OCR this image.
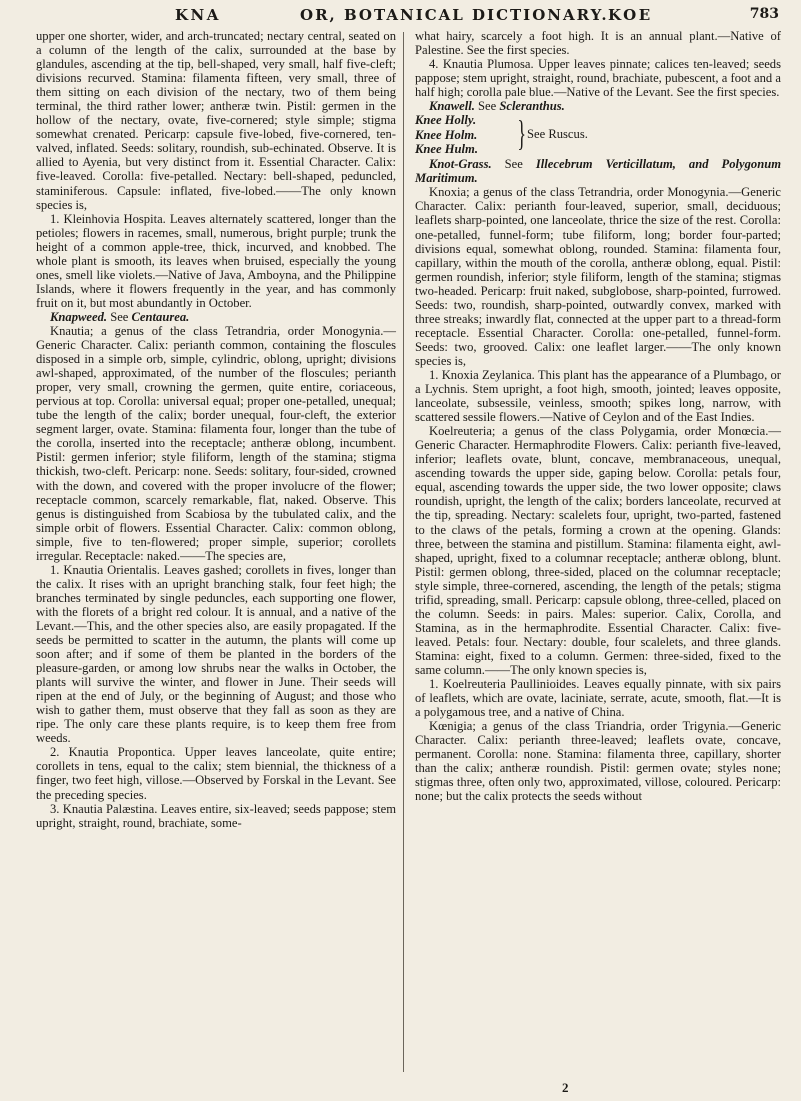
KNA	OR, BOTANICAL DICTIONARY. KOE	783

upper one shorter, wider, and arch-truncated; nectary central, seated on a column of the length of the calix, surrounded at the base by glandules, ascending at the tip, bell-shaped, very small, half five-cleft; divisions recurved. Stamina: filamenta fifteen, very small, three of them sitting on each division of the nectary, two of them being terminal, the third rather lower; antheræ twin. Pistil: germen in the hollow of the nectary, ovate, five-cornered; style simple; stigma somewhat crenated. Pericarp: capsule five-lobed, five-cornered, ten-valved, inflated. Seeds: solitary, roundish, sub-echinated. Observe. It is allied to Ayenia, but very distinct from it. Essential Character. Calix: five-leaved. Corolla: five-petalled. Nectary: bell-shaped, peduncled, staminiferous. Capsule: inflated, five-lobed.——The only known species is,

1. Kleinhovia Hospita. Leaves alternately scattered, longer than the petioles; flowers in racemes, small, numerous, bright purple; trunk the height of a common apple-tree, thick, incurved, and knobbed. The whole plant is smooth, its leaves when bruised, especially the young ones, smell like violets.—Native of Java, Amboyna, and the Philippine Islands, where it flowers frequently in the year, and has commonly fruit on it, but most abundantly in October.

Knapweed. See Centaurea.

Knautia; a genus of the class Tetrandria, order Monogynia.—Generic Character. Calix: perianth common, containing the floscules disposed in a simple orb, simple, cylindric, oblong, upright; divisions awl-shaped, approximated, of the number of the floscules; perianth proper, very small, crowning the germen, quite entire, coriaceous, pervious at top. Corolla: universal equal; proper one-petalled, unequal; tube the length of the calix; border unequal, four-cleft, the exterior segment larger, ovate. Stamina: filamenta four, longer than the tube of the corolla, inserted into the receptacle; antheræ oblong, incumbent. Pistil: germen inferior; style filiform, length of the stamina; stigma thickish, two-cleft. Pericarp: none. Seeds: solitary, four-sided, crowned with the down, and covered with the proper involucre of the flower; receptacle common, scarcely remarkable, flat, naked. Observe. This genus is distinguished from Scabiosa by the tubulated calix, and the simple orbit of flowers. Essential Character. Calix: common oblong, simple, five to ten-flowered; proper simple, superior; corollets irregular. Receptacle: naked.——The species are,

1. Knautia Orientalis. Leaves gashed; corollets in fives, longer than the calix. It rises with an upright branching stalk, four feet high; the branches terminated by single peduncles, each supporting one flower, with the florets of a bright red colour. It is annual, and a native of the Levant.—This, and the other species also, are easily propagated. If the seeds be permitted to scatter in the autumn, the plants will come up soon after; and if some of them be planted in the borders of the pleasure-garden, or among low shrubs near the walks in October, the plants will survive the winter, and flower in June. Their seeds will ripen at the end of July, or the beginning of August; and those who wish to gather them, must observe that they fall as soon as they are ripe. The only care these plants require, is to keep them free from weeds.

2. Knautia Propontica. Upper leaves lanceolate, quite entire; corollets in tens, equal to the calix; stem biennial, the thickness of a finger, two feet high, villose.—Observed by Forskal in the Levant. See the preceding species.

3. Knautia Palæstina. Leaves entire, six-leaved; seeds pappose; stem upright, straight, round, brachiate, some-

what hairy, scarcely a foot high. It is an annual plant.—Native of Palestine. See the first species.

4. Knautia Plumosa. Upper leaves pinnate; calices ten-leaved; seeds pappose; stem upright, straight, round, brachiate, pubescent, a foot and a half high; corolla pale blue.—Native of the Levant. See the first species.

Knawell. See Scleranthus.

Knee Holly.
Knee Holm.
Knee Hulm. } See Ruscus.

Knot-Grass. See Illecebrum Verticillatum, and Polygonum Maritimum.

Knoxia; a genus of the class Tetrandria, order Monogynia.—Generic Character. Calix: perianth four-leaved, superior, small, deciduous; leaflets sharp-pointed, one lanceolate, thrice the size of the rest. Corolla: one-petalled, funnel-form; tube filiform, long; border four-parted; divisions equal, somewhat oblong, rounded. Stamina: filamenta four, capillary, within the mouth of the corolla, antheræ oblong, equal. Pistil: germen roundish, inferior; style filiform, length of the stamina; stigmas two-headed. Pericarp: fruit naked, subglobose, sharp-pointed, furrowed. Seeds: two, roundish, sharp-pointed, outwardly convex, marked with three streaks; inwardly flat, connected at the upper part to a thread-form receptacle. Essential Character. Corolla: one-petalled, funnel-form. Seeds: two, grooved. Calix: one leaflet larger.——The only known species is,

1. Knoxia Zeylanica. This plant has the appearance of a Plumbago, or a Lychnis. Stem upright, a foot high, smooth, jointed; leaves opposite, lanceolate, subsessile, veinless, smooth; spikes long, narrow, with scattered sessile flowers.—Native of Ceylon and of the East Indies.

Koelreuteria; a genus of the class Polygamia, order Monœcia.—Generic Character. Hermaphrodite Flowers. Calix: perianth five-leaved, inferior; leaflets ovate, blunt, concave, membranaceous, unequal, ascending towards the upper side, gaping below. Corolla: petals four, equal, ascending towards the upper side, the two lower opposite; claws roundish, upright, the length of the calix; borders lanceolate, recurved at the tip, spreading. Nectary: scalelets four, upright, two-parted, fastened to the claws of the petals, forming a crown at the opening. Glands: three, between the stamina and pistillum. Stamina: filamenta eight, awl-shaped, upright, fixed to a columnar receptacle; antheræ oblong, blunt. Pistil: germen oblong, three-sided, placed on the columnar receptacle; style simple, three-cornered, ascending, the length of the petals; stigma trifid, spreading, small. Pericarp: capsule oblong, three-celled, placed on the column. Seeds: in pairs. Males: superior. Calix, Corolla, and Stamina, as in the hermaphrodite. Essential Character. Calix: five-leaved. Petals: four. Nectary: double, four scalelets, and three glands. Stamina: eight, fixed to a column. Germen: three-sided, fixed to the same column.——The only known species is,

1. Koelreuteria Paullinioides. Leaves equally pinnate, with six pairs of leaflets, which are ovate, laciniate, serrate, acute, smooth, flat.—It is a polygamous tree, and a native of China.

Kœnigia; a genus of the class Triandria, order Trigynia.—Generic Character. Calix: perianth three-leaved; leaflets ovate, concave, permanent. Corolla: none. Stamina: filamenta three, capillary, shorter than the calix; antheræ roundish. Pistil: germen ovate; styles none; stigmas three, often only two, approximated, villose, coloured. Pericarp: none; but the calix protects the seeds without

2
